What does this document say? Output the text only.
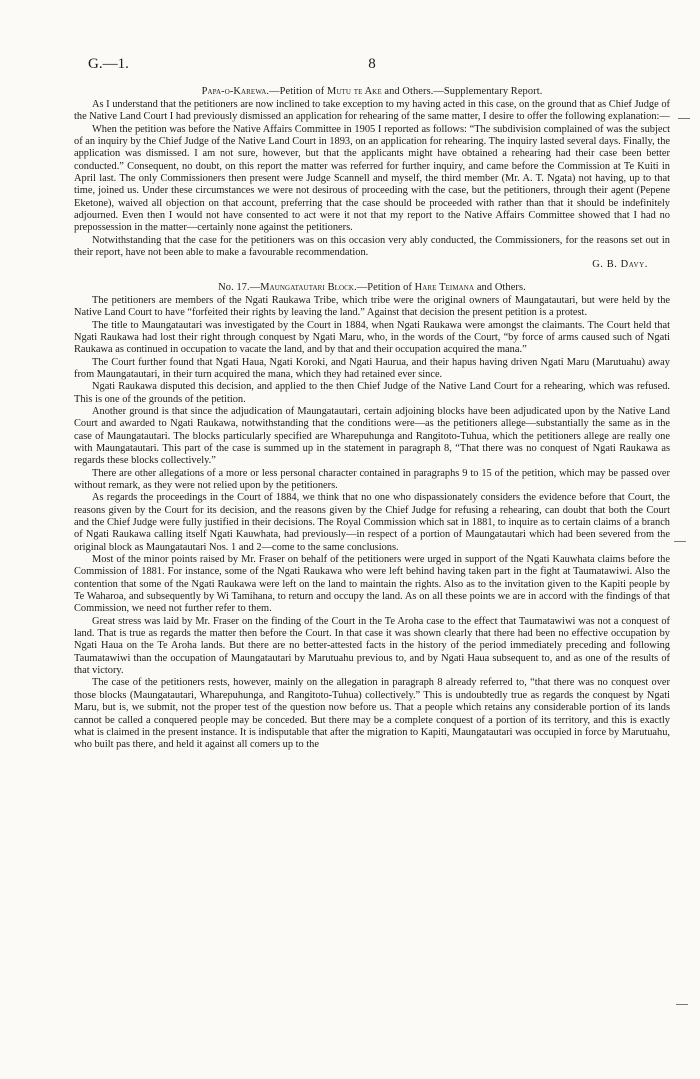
G.—1.	8
Papa-o-Karewa.—Petition of Mutu te Ake and Others.—Supplementary Report.

As I understand that the petitioners are now inclined to take exception to my having acted in this case, on the ground that as Chief Judge of the Native Land Court I had previously dismissed an application for rehearing of the same matter, I desire to offer the following explanation:—

When the petition was before the Native Affairs Committee in 1905 I reported as follows: “The subdivision complained of was the subject of an inquiry by the Chief Judge of the Native Land Court in 1893, on an application for rehearing. The inquiry lasted several days. Finally, the application was dismissed. I am not sure, however, but that the applicants might have obtained a rehearing had their case been better conducted.” Consequent, no doubt, on this report the matter was referred for further inquiry, and came before the Commission at Te Kuiti in April last. The only Commissioners then present were Judge Scannell and myself, the third member (Mr. A. T. Ngata) not having, up to that time, joined us. Under these circumstances we were not desirous of proceeding with the case, but the petitioners, through their agent (Pepene Eketone), waived all objection on that account, preferring that the case should be proceeded with rather than that it should be indefinitely adjourned. Even then I would not have consented to act were it not that my report to the Native Affairs Committee showed that I had no prepossession in the matter—certainly none against the petitioners.

Notwithstanding that the case for the petitioners was on this occasion very ably conducted, the Commissioners, for the reasons set out in their report, have not been able to make a favourable recommendation.

G. B. Davy.
No. 17.—Maungatautari Block.—Petition of Hare Teimana and Others.

The petitioners are members of the Ngati Raukawa Tribe, which tribe were the original owners of Maungatautari, but were held by the Native Land Court to have “forfeited their rights by leaving the land.” Against that decision the present petition is a protest.

The title to Maungatautari was investigated by the Court in 1884, when Ngati Raukawa were amongst the claimants. The Court held that Ngati Raukawa had lost their right through conquest by Ngati Maru, who, in the words of the Court, “by force of arms caused such of Ngati Raukawa as continued in occupation to vacate the land, and by that and their occupation acquired the mana.”

The Court further found that Ngati Haua, Ngati Koroki, and Ngati Haurua, and their hapus having driven Ngati Maru (Marutuahu) away from Maungatautari, in their turn acquired the mana, which they had retained ever since.

Ngati Raukawa disputed this decision, and applied to the then Chief Judge of the Native Land Court for a rehearing, which was refused. This is one of the grounds of the petition.

Another ground is that since the adjudication of Maungatautari, certain adjoining blocks have been adjudicated upon by the Native Land Court and awarded to Ngati Raukawa, notwithstanding that the conditions were—as the petitioners allege—substantially the same as in the case of Maungatautari. The blocks particularly specified are Wharepuhunga and Rangitoto-Tuhua, which the petitioners allege are really one with Maungatautari. This part of the case is summed up in the statement in paragraph 8, “That there was no conquest of Ngati Raukawa as regards these blocks collectively.”

There are other allegations of a more or less personal character contained in paragraphs 9 to 15 of the petition, which may be passed over without remark, as they were not relied upon by the petitioners.

As regards the proceedings in the Court of 1884, we think that no one who dispassionately considers the evidence before that Court, the reasons given by the Court for its decision, and the reasons given by the Chief Judge for refusing a rehearing, can doubt that both the Court and the Chief Judge were fully justified in their decisions. The Royal Commission which sat in 1881, to inquire as to certain claims of a branch of Ngati Raukawa calling itself Ngati Kauwhata, had previously—in respect of a portion of Maungatautari which had been severed from the original block as Maungatautari Nos. 1 and 2—come to the same conclusions.

Most of the minor points raised by Mr. Fraser on behalf of the petitioners were urged in support of the Ngati Kauwhata claims before the Commission of 1881. For instance, some of the Ngati Raukawa who were left behind having taken part in the fight at Taumatawiwi. Also the contention that some of the Ngati Raukawa were left on the land to maintain the rights. Also as to the invitation given to the Kapiti people by Te Waharoa, and subsequently by Wi Tamihana, to return and occupy the land. As on all these points we are in accord with the findings of that Commission, we need not further refer to them.

Great stress was laid by Mr. Fraser on the finding of the Court in the Te Aroha case to the effect that Taumatawiwi was not a conquest of land. That is true as regards the matter then before the Court. In that case it was shown clearly that there had been no effective occupation by Ngati Haua on the Te Aroha lands. But there are no better-attested facts in the history of the period immediately preceding and following Taumatawiwi than the occupation of Maungatautari by Marutuahu previous to, and by Ngati Haua subsequent to, and as one of the results of that victory.

The case of the petitioners rests, however, mainly on the allegation in paragraph 8 already referred to, “that there was no conquest over those blocks (Maungatautari, Wharepuhunga, and Rangitoto-Tuhua) collectively.” This is undoubtedly true as regards the conquest by Ngati Maru, but is, we submit, not the proper test of the question now before us. That a people which retains any considerable portion of its lands cannot be called a conquered people may be conceded. But there may be a complete conquest of a portion of its territory, and this is exactly what is claimed in the present instance. It is indisputable that after the migration to Kapiti, Maungatautari was occupied in force by Marutuahu, who built pas there, and held it against all comers up to the
